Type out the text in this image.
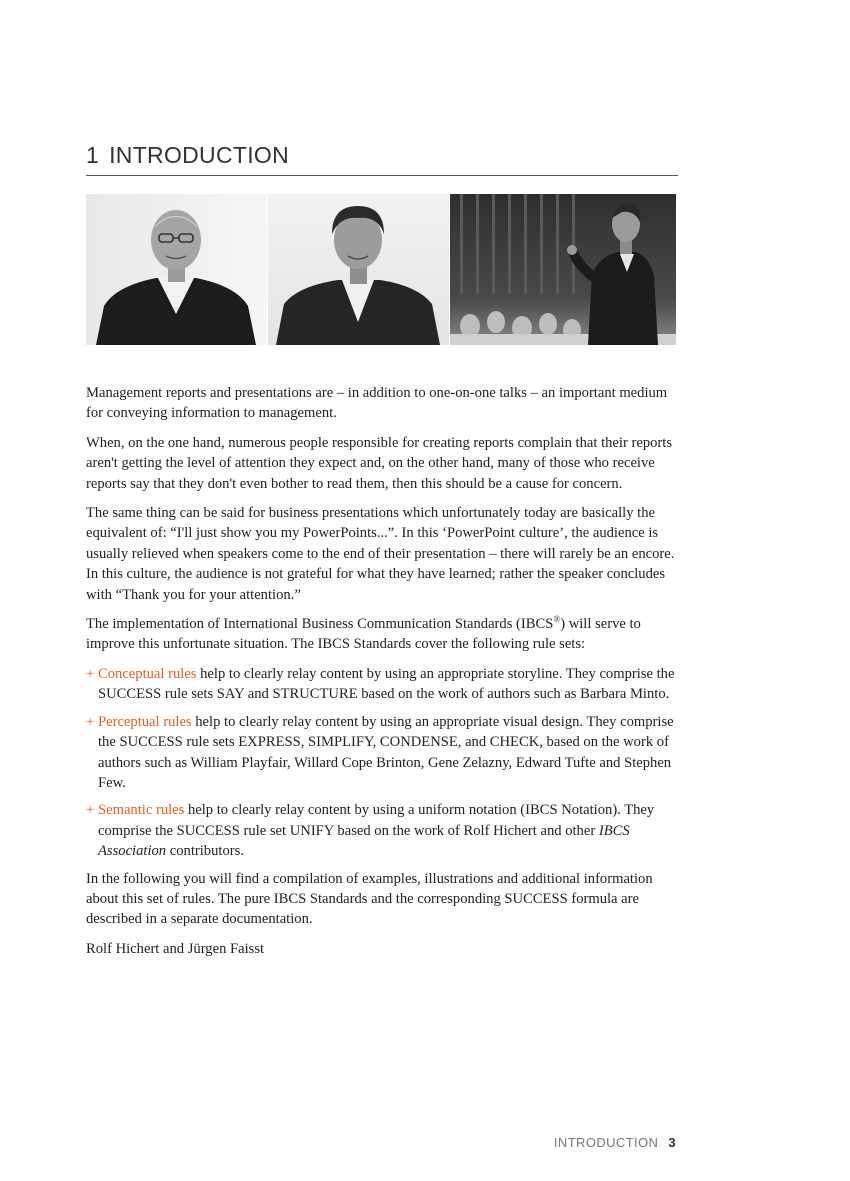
1 INTRODUCTION

Management reports and presentations are – in addition to one-on-one talks – an important medium for conveying information to management.

When, on the one hand, numerous people responsible for creating reports complain that their reports aren't getting the level of attention they expect and, on the other hand, many of those who receive reports say that they don't even bother to read them, then this should be a cause for concern.

The same thing can be said for business presentations which unfortunately today are basically the equivalent of: “I'll just show you my PowerPoints...”. In this ‘PowerPoint culture’, the audience is usually relieved when speakers come to the end of their presentation – there will rarely be an encore. In this culture, the audience is not grateful for what they have learned; rather the speaker concludes with “Thank you for your attention.”

The implementation of International Business Communication Standards (IBCS®) will serve to improve this unfortunate situation. The IBCS Standards cover the following rule sets:

+ Conceptual rules help to clearly relay content by using an appropriate storyline. They comprise the SUCCESS rule sets SAY and STRUCTURE based on the work of authors such as Barbara Minto.
+ Perceptual rules help to clearly relay content by using an appropriate visual design. They comprise the SUCCESS rule sets EXPRESS, SIMPLIFY, CONDENSE, and CHECK, based on the work of authors such as William Playfair, Willard Cope Brinton, Gene Zelazny, Edward Tufte and Stephen Few.
+ Semantic rules help to clearly relay content by using a uniform notation (IBCS Notation). They comprise the SUCCESS rule set UNIFY based on the work of Rolf Hichert and other IBCS Association contributors.

In the following you will find a compilation of examples, illustrations and additional information about this set of rules. The pure IBCS Standards and the corresponding SUCCESS formula are described in a separate documentation.

Rolf Hichert and Jürgen Faisst

INTRODUCTION 3
